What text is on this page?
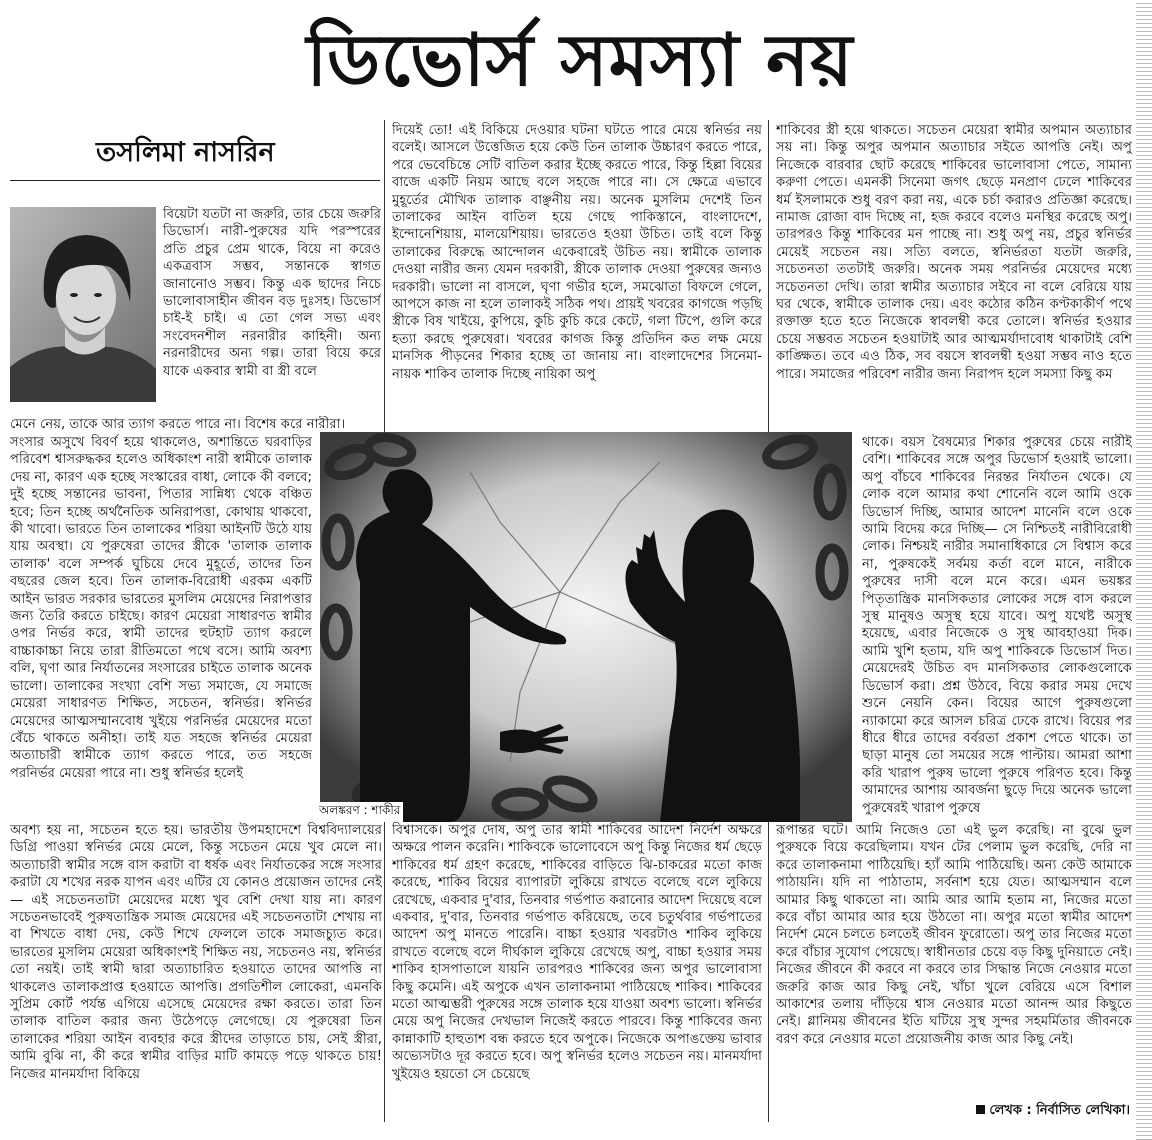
ডিভোর্স সমস্যা নয়
তসলিমা নাসরিন
বিয়েটা যতটা না জরুরি, তার চেয়ে জরুরি ডিভোর্স। নারী-পুরুষের যদি পরস্পরের প্রতি প্রচুর প্রেম থাকে, বিয়ে না করেও একত্রবাস সম্ভব, সন্তানকে স্বাগত জানানোও সম্ভব। কিন্তু এক ছাদের নিচে ভালোবাসাহীন জীবন বড় দুঃসহ। ডিভোর্স চাই-ই চাই। এ তো গেল সভ্য এবং সংবেদনশীল নরনারীর কাহিনী। অন্য নরনারীদের অন্য গল্প। তারা বিয়ে করে যাকে একবার স্বামী বা স্ত্রী বলে
মেনে নেয়, তাকে আর ত্যাগ করতে পারে না। বিশেষ করে নারীরা।
সংসার অসুখে বিবর্ণ হয়ে থাকলেও, অশান্তিতে ঘরবাড়ির পরিবেশ শ্বাসরুদ্ধকর হলেও অধিকাংশ নারী স্বামীকে তালাক দেয় না, কারণ এক হচ্ছে সংস্কারের বাধা, লোকে কী বলবে; দুই হচ্ছে সন্তানের ভাবনা, পিতার সান্নিধ্য থেকে বঞ্চিত হবে; তিন হচ্ছে অর্থনৈতিক অনিরাপত্তা, কোথায় থাকবো, কী খাবো। ভারতে তিন তালাকের শরিয়া আইনটি উঠে যায় যায় অবস্থা। যে পুরুষেরা তাদের স্ত্রীকে 'তালাক তালাক তালাক' বলে সম্পর্ক ঘুচিয়ে দেবে মুহূর্তে, তাদের তিন বছরের জেল হবে। তিন তালাক-বিরোধী এরকম একটি আইন ভারত সরকার ভারতের মুসলিম মেয়েদের নিরাপত্তার জন্য তৈরি করতে চাইছে। কারণ মেয়েরা সাধারণত স্বামীর ওপর নির্ভর করে, স্বামী তাদের হুটহাট ত্যাগ করলে বাচ্চাকাচ্চা নিয়ে তারা রীতিমতো পথে বসে। আমি অবশ্য বলি, ঘৃণা আর নির্যাতনের সংসারের চাইতে তালাক অনেক ভালো। তালাকের সংখ্যা বেশি সভ্য সমাজে, যে সমাজে মেয়েরা সাধারণত শিক্ষিত, সচেতন, স্বনির্ভর। স্বনির্ভর মেয়েদের আত্মসম্মানবোধ খুইয়ে পরনির্ভর মেয়েদের মতো বেঁচে থাকতে অনীহা। তাই যত সহজে স্বনির্ভর মেয়েরা অত্যাচারী স্বামীকে ত্যাগ করতে পারে, তত সহজে পরনির্ভর মেয়েরা পারে না। শুধু স্বনির্ভর হলেই
অবশ্য হয় না, সচেতন হতে হয়। ভারতীয় উপমহাদেশে বিশ্ববিদ্যালয়ের ডিগ্রি পাওয়া স্বনির্ভর মেয়ে মেলে, কিন্তু সচেতন মেয়ে খুব মেলে না। অত্যাচারী স্বামীর সঙ্গে বাস করাটা বা ধর্ষক এবং নির্যাতকের সঙ্গে সংসার করাটা যে শখের নরক যাপন এবং এটির যে কোনও প্রয়োজন তাদের নেই— এই সচেতনতাটা মেয়েদের মধ্যে খুব বেশি দেখা যায় না। কারণ সচেতনভাবেই পুরুষতান্ত্রিক সমাজ মেয়েদের এই সচেতনতাটা শেখায় না বা শিখতে বাধা দেয়, কেউ শিখে ফেললে তাকে সমাজচ্যুত করে। ভারতের মুসলিম মেয়েরা অধিকাংশই শিক্ষিত নয়, সচেতনও নয়, স্বনির্ভর তো নয়ই। তাই স্বামী দ্বারা অত্যাচারিত হওয়াতে তাদের আপত্তি না থাকলেও তালাকপ্রাপ্ত হওয়াতে আপত্তি। প্রগতিশীল লোকেরা, এমনকি সুপ্রিম কোর্ট পর্যন্ত এগিয়ে এসেছে মেয়েদের রক্ষা করতে। তারা তিন তালাক বাতিল করার জন্য উঠেপড়ে লেগেছে। যে পুরুষেরা তিন তালাকের শরিয়া আইন ব্যবহার করে স্ত্রীদের তাড়াতে চায়, সেই স্ত্রীরা, আমি বুঝি না, কী করে স্বামীর বাড়ির মাটি কামড়ে পড়ে থাকতে চায়! নিজের মানমর্যাদা বিকিয়ে
দিয়েই তো! এই বিকিয়ে দেওয়ার ঘটনা ঘটতে পারে মেয়ে স্বনির্ভর নয় বলেই। আসলে উত্তেজিত হয়ে কেউ তিন তালাক উচ্চারণ করতে পারে, পরে ভেবেচিন্তে সেটি বাতিল করার ইচ্ছে করতে পারে, কিন্তু হিল্লা বিয়ের বাজে একটি নিয়ম আছে বলে সহজে পারে না। সে ক্ষেত্রে এভাবে মুহূর্তের মৌখিক তালাক বাঞ্ছনীয় নয়। অনেক মুসলিম দেশেই তিন তালাকের আইন বাতিল হয়ে গেছে পাকিস্তানে, বাংলাদেশে, ইন্দোনেশিয়ায়, মালয়েশিয়ায়। ভারতেও হওয়া উচিত। তাই বলে কিন্তু তালাকের বিরুদ্ধে আন্দোলন একেবারেই উচিত নয়। স্বামীকে তালাক দেওয়া নারীর জন্য যেমন দরকারী, স্ত্রীকে তালাক দেওয়া পুরুষের জন্যও দরকারী। ভালো না বাসলে, ঘৃণা গভীর হলে, সমঝোতা বিফলে গেলে, আপসে কাজ না হলে তালাকই সঠিক পথ। প্রায়ই খবরের কাগজে পড়ছি স্ত্রীকে বিষ খাইয়ে, কুপিয়ে, কুচি কুচি করে কেটে, গলা টিপে, গুলি করে হত্যা করছে পুরুষেরা। খবরের কাগজ কিন্তু প্রতিদিন কত লক্ষ মেয়ে মানসিক পীড়নের শিকার হচ্ছে তা জানায় না। বাংলাদেশের সিনেমা-নায়ক শাকিব তালাক দিচ্ছে নায়িকা অপু
বিশ্বাসকে। অপুর দোষ, অপু তার স্বামী শাকিবের আদেশ নির্দেশ অক্ষরে অক্ষরে পালন করেনি। শাকিবকে ভালোবেসে অপু কিন্তু নিজের ধর্ম ছেড়ে শাকিবের ধর্ম গ্রহণ করেছে, শাকিবের বাড়িতে ঝি-চাকরের মতো কাজ করেছে, শাকিব বিয়ের ব্যাপারটা লুকিয়ে রাখতে বলেছে বলে লুকিয়ে রেখেছে, একবার দু'বার, তিনবার গর্ভপাত করানোর আদেশ দিয়েছে বলে একবার, দু'বার, তিনবার গর্ভপাত করিয়েছে, তবে চতুর্থবার গর্ভপাতের আদেশ অপু মানতে পারেনি। বাচ্চা হওয়ার খবরটাও শাকিব লুকিয়ে রাখতে বলেছে বলে দীর্ঘকাল লুকিয়ে রেখেছে অপু, বাচ্চা হওয়ার সময় শাকিব হাসপাতালে যায়নি তারপরও শাকিবের জন্য অপুর ভালোবাসা কিছু কমেনি। এই অপুকে এখন তালাকনামা পাঠিয়েছে শাকিব। শাকিবের মতো আত্মম্ভরী পুরুষের সঙ্গে তালাক হয়ে যাওয়া অবশ্য ভালো। স্বনির্ভর মেয়ে অপু নিজের দেখভাল নিজেই করতে পারবে। কিন্তু শাকিবের জন্য কান্নাকাটি হাহুতাশ বন্ধ করতে হবে অপুকে। নিজেকে অপাঙক্তেয় ভাবার অভ্যেসটাও দূর করতে হবে। অপু স্বনির্ভর হলেও সচেতন নয়। মানমর্যাদা খুইয়েও হয়তো সে চেয়েছে
শাকিবের স্ত্রী হয়ে থাকতে। সচেতন মেয়েরা স্বামীর অপমান অত্যাচার সয় না। কিন্তু অপুর অপমান অত্যাচার সইতে আপত্তি নেই। অপু নিজেকে বারবার ছোট করেছে শাকিবের ভালোবাসা পেতে, সামান্য করুণা পেতে। এমনকী সিনেমা জগৎ ছেড়ে মনপ্রাণ ঢেলে শাকিবের ধর্ম ইসলামকে শুধু বরণ করা নয়, একে চর্চা করারও প্রতিজ্ঞা করেছে। নামাজ রোজা বাদ দিচ্ছে না, হজ করবে বলেও মনস্থির করেছে অপু। তারপরও কিন্তু শাকিবের মন পাচ্ছে না। শুধু অপু নয়, প্রচুর স্বনির্ভর মেয়েই সচেতন নয়। সত্যি বলতে, স্বনির্ভরতা যতটা জরুরি, সচেতনতা ততটাই জরুরি। অনেক সময় পরনির্ভর মেয়েদের মধ্যে সচেতনতা দেখি। তারা স্বামীর অত্যাচার সইবে না বলে বেরিয়ে যায় ঘর থেকে, স্বামীকে তালাক দেয়। এবং কঠোর কঠিন কণ্টকাকীর্ণ পথে রক্তাক্ত হতে হতে নিজেকে স্বাবলম্বী করে তোলে। স্বনির্ভর হওয়ার চেয়ে সম্ভবত সচেতন হওয়াটাই আর আত্মমর্যাদাবোধ থাকাটাই বেশি কাঙ্ক্ষিত। তবে এও ঠিক, সব বয়সে স্বাবলম্বী হওয়া সম্ভব নাও হতে পারে। সমাজের পরিবেশ নারীর জন্য নিরাপদ হলে সমস্যা কিছু কম
থাকে। বয়স বৈষম্যের শিকার পুরুষের চেয়ে নারীই বেশি। শাকিবের সঙ্গে অপুর ডিভোর্স হওয়াই ভালো। অপু বাঁচবে শাকিবের নিরন্তর নির্যাতন থেকে। যে লোক বলে আমার কথা শোনেনি বলে আমি ওকে ডিভোর্স দিচ্ছি, আমার আদেশ মানেনি বলে ওকে আমি বিদেয় করে দিচ্ছি— সে নিশ্চিতই নারীবিরোধী লোক। নিশ্চয়ই নারীর সমানাধিকারে সে বিশ্বাস করে না, পুরুষকেই সর্বময় কর্তা বলে মানে, নারীকে পুরুষের দাসী বলে মনে করে। এমন ভয়ঙ্কর পিতৃতান্ত্রিক মানসিকতার লোকের সঙ্গে বাস করলে সুস্থ মানুষও অসুস্থ হয়ে যাবে। অপু যথেষ্ট অসুস্থ হয়েছে, এবার নিজেকে ও সুস্থ আবহাওয়া দিক। আমি খুশি হতাম, যদি অপু শাকিবকে ডিভোর্স দিত। মেয়েদেরই উচিত বদ মানসিকতার লোকগুলোকে ডিভোর্স করা। প্রশ্ন উঠবে, বিয়ে করার সময় দেখে শুনে নেয়নি কেন। বিয়ের আগে পুরুষগুলো ন্যাকামো করে আসল চরিত্র ঢেকে রাখে। বিয়ের পর ধীরে ধীরে তাদের বর্বরতা প্রকাশ পেতে থাকে। তা ছাড়া মানুষ তো সময়ের সঙ্গে পাল্টায়। আমরা আশা করি খারাপ পুরুষ ভালো পুরুষে পরিণত হবে। কিন্তু আমাদের আশায় আবর্জনা ছুড়ে দিয়ে অনেক ভালো পুরুষেরই খারাপ পুরুষে
রূপান্তর ঘটে। আমি নিজেও তো এই ভুল করেছি। না বুঝে ভুল পুরুষকে বিয়ে করেছিলাম। যখন টের পেলাম ভুল করেছি, দেরি না করে তালাকনামা পাঠিয়েছি। হ্যাঁ আমি পাঠিয়েছি। অন্য কেউ আমাকে পাঠায়নি। যদি না পাঠাতাম, সর্বনাশ হয়ে যেত। আত্মসম্মান বলে আমার কিছু থাকতো না। আমি আর আমি হতাম না, নিজের মতো করে বাঁচা আমার আর হয়ে উঠতো না। অপুর মতো স্বামীর আদেশ নির্দেশ মেনে চলতে চলতেই জীবন ফুরোতো। অপু তার নিজের মতো করে বাঁচার সুযোগ পেয়েছে। স্বাধীনতার চেয়ে বড় কিছু দুনিয়াতে নেই। নিজের জীবনে কী করবে না করবে তার সিদ্ধান্ত নিজে নেওয়ার মতো জরুরি কাজ আর কিছু নেই, খাঁচা খুলে বেরিয়ে এসে বিশাল আকাশের তলায় দাঁড়িয়ে শ্বাস নেওয়ার মতো আনন্দ আর কিছুতে নেই। গ্লানিময় জীবনের ইতি ঘটিয়ে সুস্থ সুন্দর সহমর্মিতার জীবনকে বরণ করে নেওয়ার মতো প্রয়োজনীয় কাজ আর কিছু নেই।
অলঙ্করণ : শাকীর
লেখক : নির্বাসিত লেখিকা।
